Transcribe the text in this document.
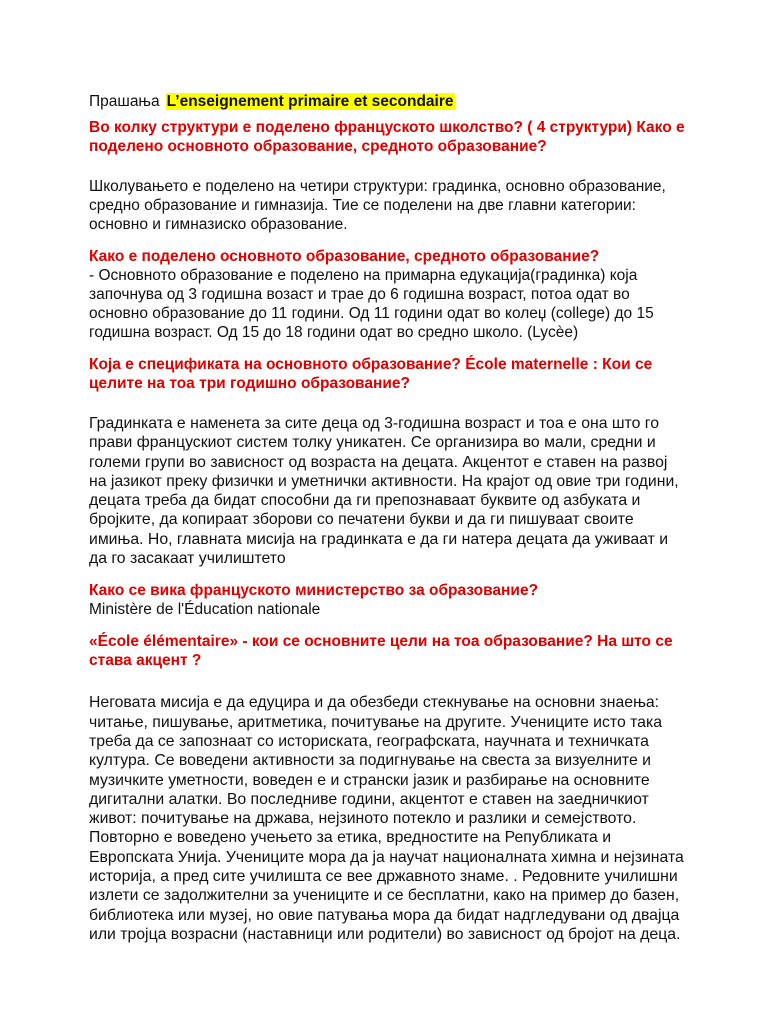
Прашања L’enseignement primaire et secondaire

Во колку структури е поделено француското школство? ( 4 структури) Како е поделено основното образование, средното образование?

Школувањето е поделено на четири структури: градинка, основно образование, средно образование и гимназија. Тие се поделени на две главни категории: основно и гимназиско образование.

Како е поделено основното образование, средното образование?

- Основното образование е поделено на примарна едукација(градинка) која започнува од 3 годишна возаст и трае до 6 годишна возраст, потоа одат во основно образование до 11 години. Од 11 години одат во колеџ (college) до 15 годишна возраст. Од 15 до 18 години одат во средно школо. (Lycèe)

Која е спецификата на основното образование? École maternelle : Кои се целите на тоа три годишно образование?

Градинката е наменета за сите деца од 3-годишна возраст и тоа е она што го прави францускиот систем толку уникатен. Се организира во мали, средни и големи групи во зависност од возраста на децата. Акцентот е ставен на развој на јазикот преку физички и уметнички активности. На крајот од овие три години, децата треба да бидат способни да ги препознаваат буквите од азбуката и бројките, да копираат зборови со печатени букви и да ги пишуваат своите имиња. Но, главната мисија на градинката е да ги натера децата да уживаат и да го засакаат училиштето

Како се вика француското министерство за образование?

Ministère de l'Éducation nationale

«École élémentaire» - кои се основните цели на тоа образование? На што се става акцент ?

Неговата мисија е да едуцира и да обезбеди стекнување на основни знаења: читање, пишување, аритметика, почитување на другите. Учениците исто така треба да се запознаат со историската, географската, научната и техничката култура. Се воведени активности за подигнување на свеста за визуелните и музичките уметности, воведен е и странски јазик и разбирање на основните дигитални алатки. Во последниве години, акцентот е ставен на заедничкиот живот: почитување на држава, нејзиното потекло и разлики и семејството. Повторно е воведено учењето за етика, вредностите на Републиката и Европската Унија. Учениците мора да ја научат националната химна и нејзината историја, а пред сите училишта се вее државното знаме. . Редовните училишни излети се задолжителни за учениците и се бесплатни, како на пример до базен, библиотека или музеј, но овие патувања мора да бидат надгледувани од двајца или тројца возрасни (наставници или родители) во зависност од бројот на деца.
